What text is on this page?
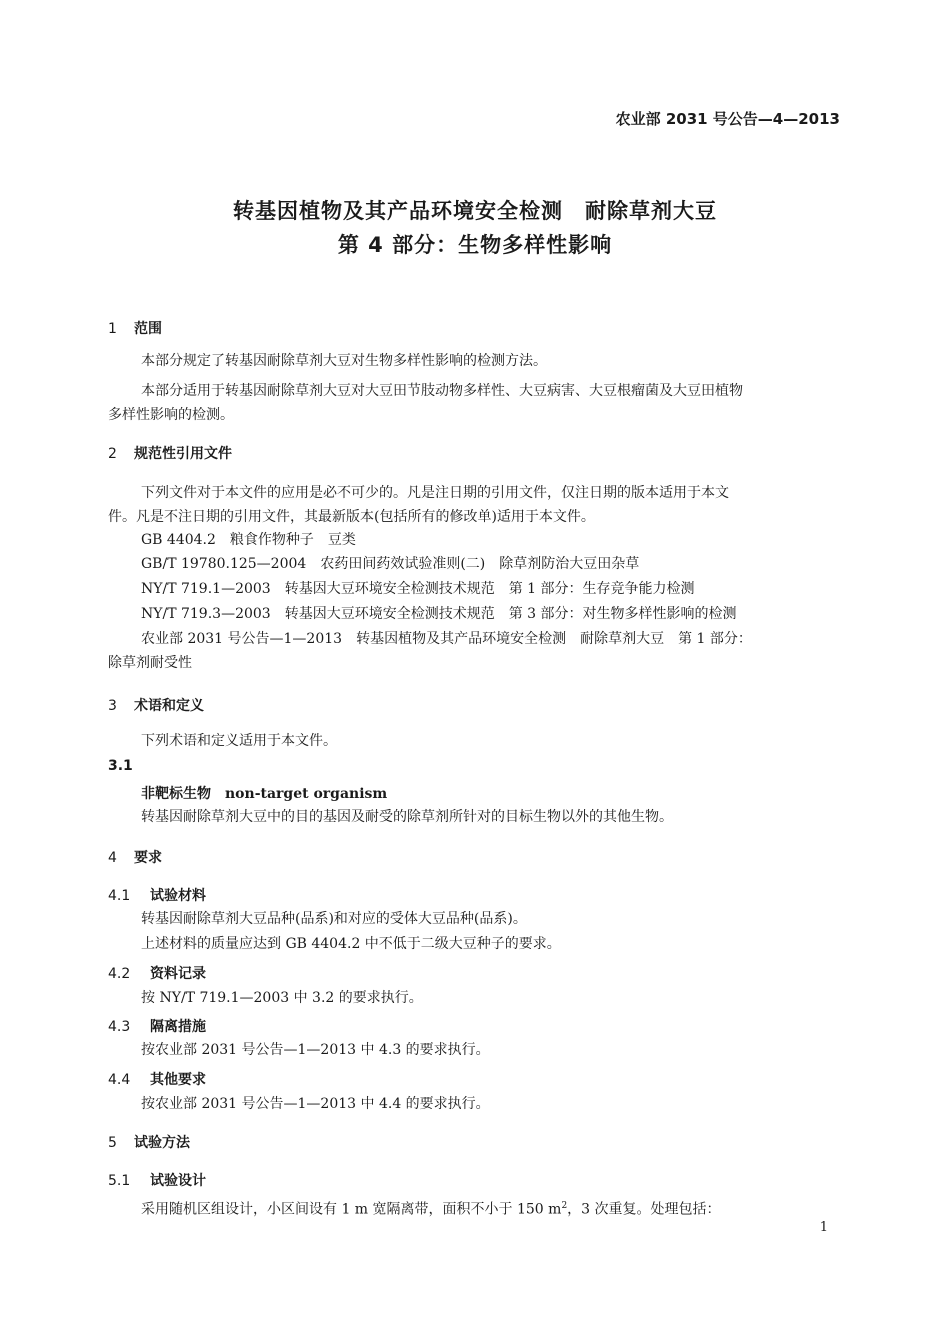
农业部 2031 号公告—4—2013
转基因植物及其产品环境安全检测　耐除草剂大豆
第 4 部分：生物多样性影响
1 范围
本部分规定了转基因耐除草剂大豆对生物多样性影响的检测方法。
本部分适用于转基因耐除草剂大豆对大豆田节肢动物多样性、大豆病害、大豆根瘤菌及大豆田植物
多样性影响的检测。
2 规范性引用文件
下列文件对于本文件的应用是必不可少的。凡是注日期的引用文件，仅注日期的版本适用于本文
件。凡是不注日期的引用文件，其最新版本(包括所有的修改单)适用于本文件。
GB 4404.2　粮食作物种子　豆类
GB/T 19780.125—2004　农药田间药效试验准则(二)　除草剂防治大豆田杂草
NY/T 719.1—2003　转基因大豆环境安全检测技术规范　第 1 部分：生存竞争能力检测
NY/T 719.3—2003　转基因大豆环境安全检测技术规范　第 3 部分：对生物多样性影响的检测
农业部 2031 号公告—1—2013　转基因植物及其产品环境安全检测　耐除草剂大豆　第 1 部分：
除草剂耐受性
3 术语和定义
下列术语和定义适用于本文件。
3.1
非靶标生物 non-target organism
转基因耐除草剂大豆中的目的基因及耐受的除草剂所针对的目标生物以外的其他生物。
4 要求
4.1 试验材料
转基因耐除草剂大豆品种(品系)和对应的受体大豆品种(品系)。
上述材料的质量应达到 GB 4404.2 中不低于二级大豆种子的要求。
4.2 资料记录
按 NY/T 719.1—2003 中 3.2 的要求执行。
4.3 隔离措施
按农业部 2031 号公告—1—2013 中 4.3 的要求执行。
4.4 其他要求
按农业部 2031 号公告—1—2013 中 4.4 的要求执行。
5 试验方法
5.1 试验设计
采用随机区组设计，小区间设有 1 m 宽隔离带，面积不小于 150 $m^2$，3 次重复。处理包括：
1
